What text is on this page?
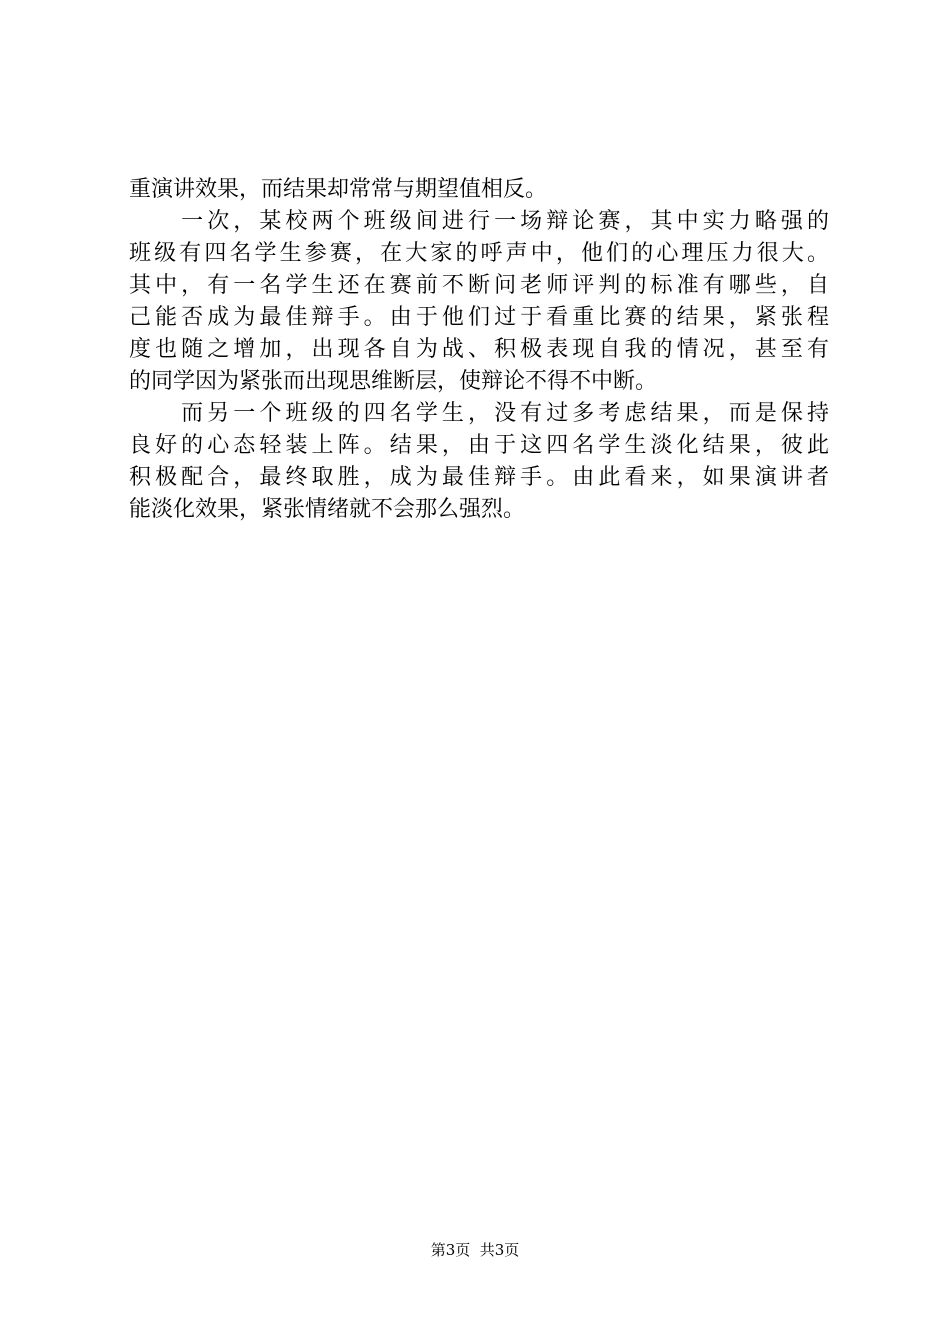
重演讲效果，而结果却常常与期望值相反。
　　一次，某校两个班级间进行一场辩论赛，其中实力略强的
班级有四名学生参赛，在大家的呼声中，他们的心理压力很大。
其中，有一名学生还在赛前不断问老师评判的标准有哪些，自
己能否成为最佳辩手。由于他们过于看重比赛的结果，紧张程
度也随之增加，出现各自为战、积极表现自我的情况，甚至有
的同学因为紧张而出现思维断层，使辩论不得不中断。
　　而另一个班级的四名学生，没有过多考虑结果，而是保持
良好的心态轻装上阵。结果，由于这四名学生淡化结果，彼此
积极配合，最终取胜，成为最佳辩手。由此看来，如果演讲者
能淡化效果，紧张情绪就不会那么强烈。
第3页  共3页
